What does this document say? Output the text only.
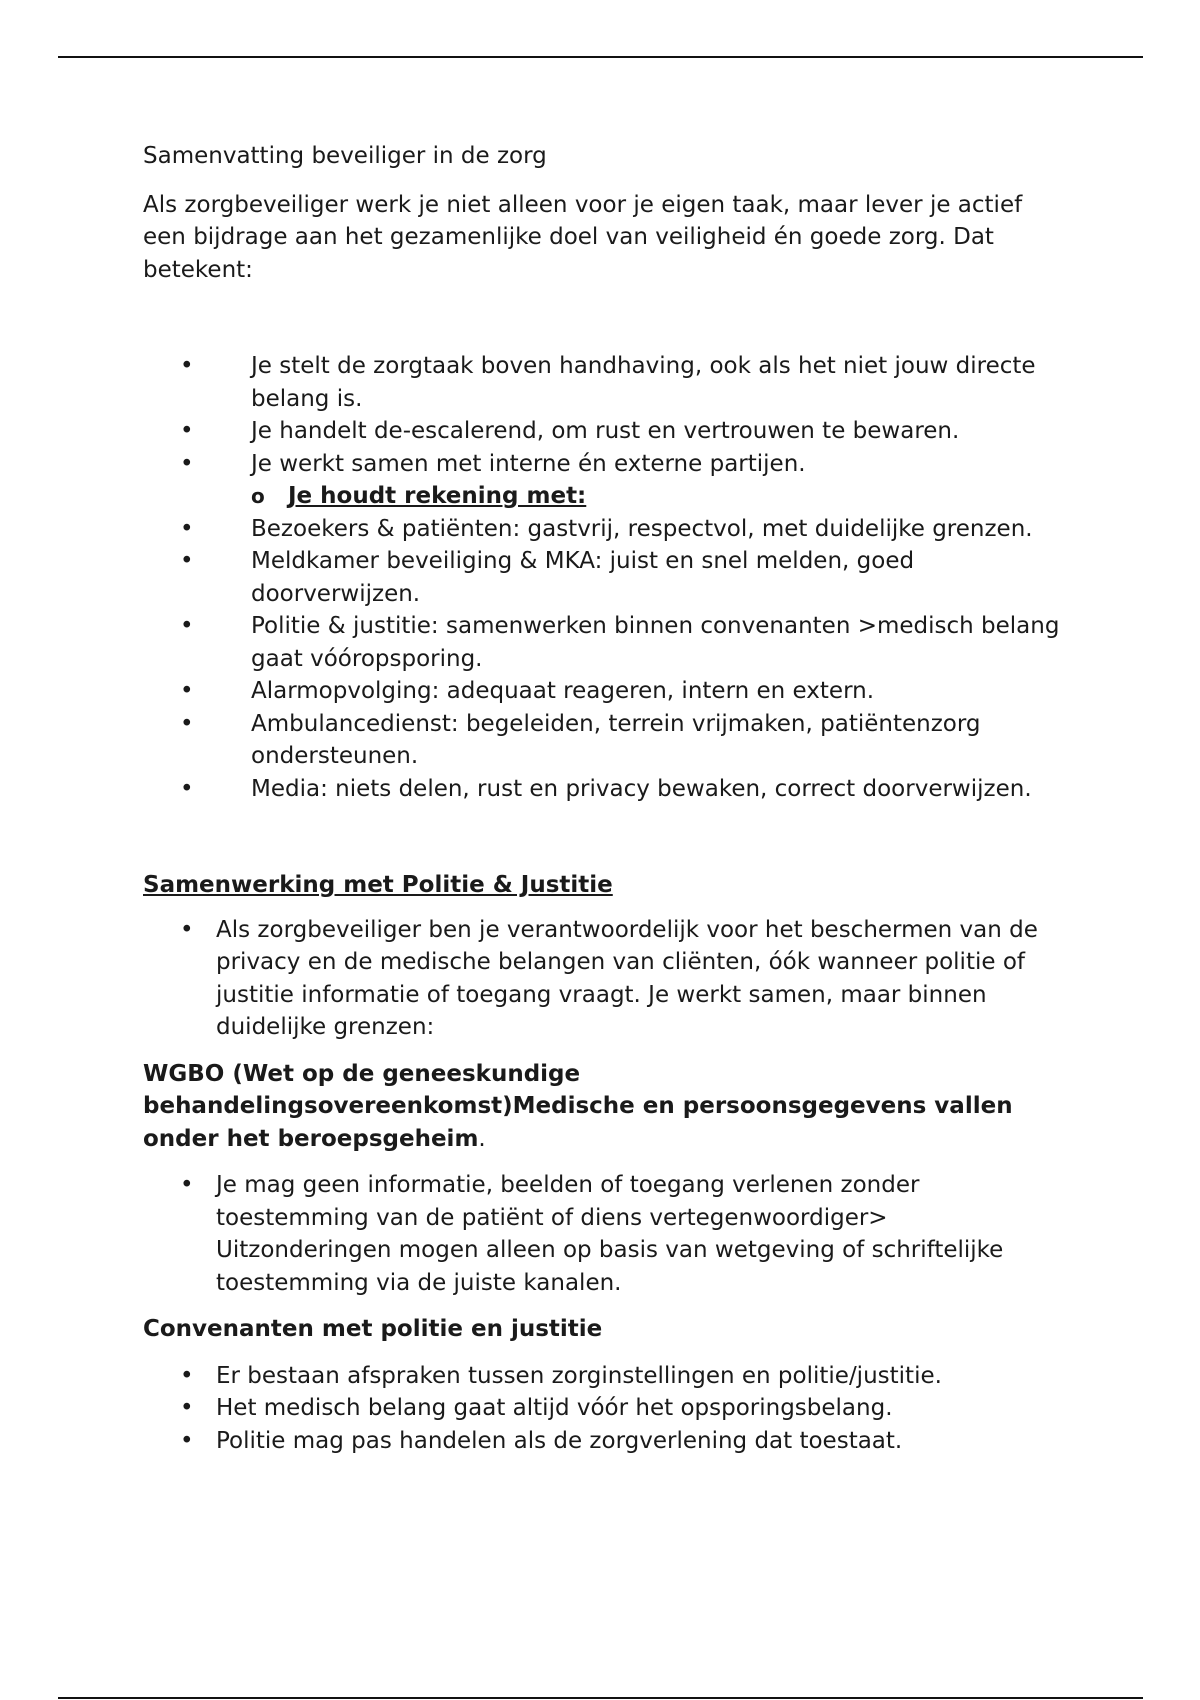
Samenvatting beveiliger in de zorg

Als zorgbeveiliger werk je niet alleen voor je eigen taak, maar lever je actief een bijdrage aan het gezamenlijke doel van veiligheid én goede zorg. Dat betekent:

• Je stelt de zorgtaak boven handhaving, ook als het niet jouw directe belang is.
• Je handelt de-escalerend, om rust en vertrouwen te bewaren.
• Je werkt samen met interne én externe partijen.
o Je houdt rekening met:
• Bezoekers & patiënten: gastvrij, respectvol, met duidelijke grenzen.
• Meldkamer beveiliging & MKA: juist en snel melden, goed doorverwijzen.
• Politie & justitie: samenwerken binnen convenanten >medisch belang gaat vóóropsporing.
• Alarmopvolging: adequaat reageren, intern en extern.
• Ambulancedienst: begeleiden, terrein vrijmaken, patiëntenzorg ondersteunen.
• Media: niets delen, rust en privacy bewaken, correct doorverwijzen.

Samenwerking met Politie & Justitie

• Als zorgbeveiliger ben je verantwoordelijk voor het beschermen van de privacy en de medische belangen van cliënten, óók wanneer politie of justitie informatie of toegang vraagt. Je werkt samen, maar binnen duidelijke grenzen:

WGBO (Wet op de geneeskundige behandelingsovereenkomst)Medische en persoonsgegevens vallen onder het beroepsgeheim.

• Je mag geen informatie, beelden of toegang verlenen zonder toestemming van de patiënt of diens vertegenwoordiger> Uitzonderingen mogen alleen op basis van wetgeving of schriftelijke toestemming via de juiste kanalen.

Convenanten met politie en justitie

• Er bestaan afspraken tussen zorginstellingen en politie/justitie.
• Het medisch belang gaat altijd vóór het opsporingsbelang.
• Politie mag pas handelen als de zorgverlening dat toestaat.
